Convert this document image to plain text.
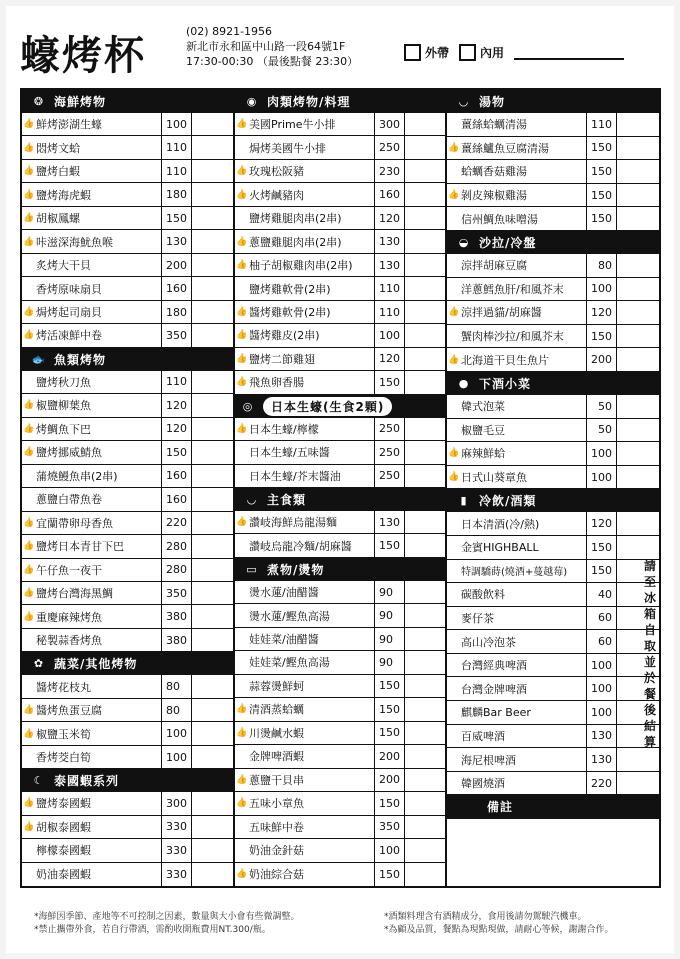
蠔烤杯
(02) 8921-1956
新北市永和區中山路一段64號1F
17:30-00:30 （最後點餐 23:30）
外帶	內用
❂ 海鮮烤物
👍 鮮烤澎湖生蠔	100
👍 悶烤文蛤	110
👍 鹽烤白蝦	110
👍 鹽烤海虎蝦	180
👍 胡椒鳳螺	150
👍 咔滋深海魷魚喉	130
炙烤大干貝	200
香烤原味扇貝	160
👍 焗烤起司扇貝	180
👍 烤活凍鮮中卷	350
🐟 魚類烤物
鹽烤秋刀魚	110
👍 椒鹽柳葉魚	120
👍 烤鯛魚下巴	120
👍 鹽烤挪威鯖魚	150
蒲燒鰻魚串(2串)	160
蔥鹽白帶魚卷	160
👍 宜蘭帶卵母香魚	220
👍 鹽烤日本青甘下巴	280
👍 午仔魚一夜干	280
👍 鹽烤台灣海黑鯛	350
👍 重慶麻辣烤魚	380
秘製蒜香烤魚	380
✿ 蔬菜/其他烤物
醬烤花枝丸	80
👍 醬烤魚蛋豆腐	80
👍 椒鹽玉米筍	100
香烤茭白筍	100
☾ 泰國蝦系列
👍 鹽烤泰國蝦	300
👍 胡椒泰國蝦	330
檸檬泰國蝦	330
奶油泰國蝦	330
◉ 肉類烤物/料理
👍 美國Prime牛小排	300
焗烤美國牛小排	250
👍 玫瑰松阪豬	230
👍 火烤鹹豬肉	160
鹽烤雞腿肉串(2串)	120
👍 蔥鹽雞腿肉串(2串)	130
👍 柚子胡椒雞肉串(2串)	130
鹽烤雞軟骨(2串)	110
👍 醬烤雞軟骨(2串)	110
👍 醬烤雞皮(2串)	100
👍 鹽烤二節雞翅	120
👍 飛魚卵香腸	150
◎	日本生蠔(生食2顆)
👍 日本生蠔/檸檬	250
日本生蠔/五味醬	250
日本生蠔/芥末醬油	250
◡ 主食類
👍 讚岐海鮮烏龍湯麵	130
讚岐烏龍冷麵/胡麻醬	150
▭ 煮物/燙物
燙水蓮/油醋醬	90
燙水蓮/鰹魚高湯	90
娃娃菜/油醋醬	90
娃娃菜/鰹魚高湯	90
蒜蓉燙鮮蚵	150
👍 清酒蒸蛤蠣	150
👍 川燙鹹水蝦	150
金牌啤酒蝦	200
👍 蔥鹽干貝串	200
👍 五味小章魚	150
五味鮮中卷	350
奶油金針菇	100
👍 奶油綜合菇	150
◡ 湯物
薑絲蛤蠣清湯	110
👍 薑絲鱸魚豆腐清湯	150
蛤蠣香菇雞湯	150
👍 剝皮辣椒雞湯	150
信州鯛魚味噌湯	150
◒ 沙拉/冷盤
涼拌胡麻豆腐	80
洋蔥鱈魚肝/和風芥末	100
👍 涼拌過貓/胡麻醬	120
蟹肉棒沙拉/和風芥末	150
👍 北海道干貝生魚片	200
● 下酒小菜
韓式泡菜	50
椒鹽毛豆	50
👍 麻辣鮮蛤	100
👍 日式山葵章魚	100
▮ 冷飲/酒類
日本清酒(冷/熱)	120
金賓HIGHBALL	150
特調驕蒔(燒酒+蔓越莓)	150
碳酸飲料	40
麥仔茶	60
高山冷泡茶	60
台灣經典啤酒	100
台灣金牌啤酒	100
麒麟Bar Beer	100
百威啤酒	130
海尼根啤酒	130
韓國燒酒	220
備註
請
至
冰
箱
自
取
並
於
餐
後
結
算
*海鮮因季節、產地等不可控制之因素，數量與大小會有些微調整。
*禁止攜帶外食，若自行帶酒，需酌收開瓶費用NT.300/瓶。
*酒類料理含有酒精成分，食用後請勿駕駛汽機車。
*為顧及品質，餐點為現點現做，請耐心等候，謝謝合作。
